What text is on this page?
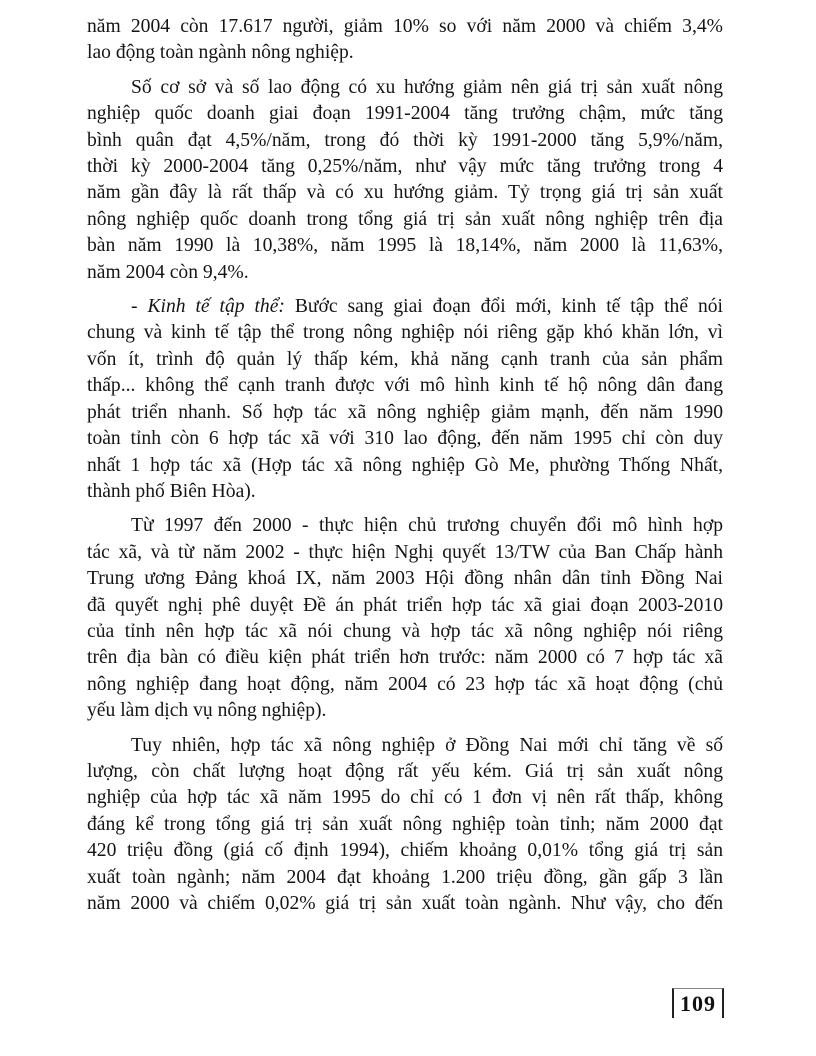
năm 2004 còn 17.617 người, giảm 10% so với năm 2000 và chiếm 3,4%
lao động toàn ngành nông nghiệp.
Số cơ sở và số lao động có xu hướng giảm nên giá trị sản xuất nông
nghiệp quốc doanh giai đoạn 1991-2004 tăng trưởng chậm, mức tăng
bình quân đạt 4,5%/năm, trong đó thời kỳ 1991-2000 tăng 5,9%/năm,
thời kỳ 2000-2004 tăng 0,25%/năm, như vậy mức tăng trưởng trong 4
năm gần đây là rất thấp và có xu hướng giảm. Tỷ trọng giá trị sản xuất
nông nghiệp quốc doanh trong tổng giá trị sản xuất nông nghiệp trên địa
bàn năm 1990 là 10,38%, năm 1995 là 18,14%, năm 2000 là 11,63%,
năm 2004 còn 9,4%.
- Kinh tế tập thể: Bước sang giai đoạn đổi mới, kinh tế tập thể nói
chung và kinh tế tập thể trong nông nghiệp nói riêng gặp khó khăn lớn, vì
vốn ít, trình độ quản lý thấp kém, khả năng cạnh tranh của sản phẩm
thấp... không thể cạnh tranh được với mô hình kinh tế hộ nông dân đang
phát triển nhanh. Số hợp tác xã nông nghiệp giảm mạnh, đến năm 1990
toàn tỉnh còn 6 hợp tác xã với 310 lao động, đến năm 1995 chỉ còn duy
nhất 1 hợp tác xã (Hợp tác xã nông nghiệp Gò Me, phường Thống Nhất,
thành phố Biên Hòa).
Từ 1997 đến 2000 - thực hiện chủ trương chuyển đổi mô hình hợp
tác xã, và từ năm 2002 - thực hiện Nghị quyết 13/TW của Ban Chấp hành
Trung ương Đảng khoá IX, năm 2003 Hội đồng nhân dân tỉnh Đồng Nai
đã quyết nghị phê duyệt Đề án phát triển hợp tác xã giai đoạn 2003-2010
của tỉnh nên hợp tác xã nói chung và hợp tác xã nông nghiệp nói riêng
trên địa bàn có điều kiện phát triển hơn trước: năm 2000 có 7 hợp tác xã
nông nghiệp đang hoạt động, năm 2004 có 23 hợp tác xã hoạt động (chủ
yếu làm dịch vụ nông nghiệp).
Tuy nhiên, hợp tác xã nông nghiệp ở Đồng Nai mới chỉ tăng về số
lượng, còn chất lượng hoạt động rất yếu kém. Giá trị sản xuất nông
nghiệp của hợp tác xã năm 1995 do chỉ có 1 đơn vị nên rất thấp, không
đáng kể trong tổng giá trị sản xuất nông nghiệp toàn tỉnh; năm 2000 đạt
420 triệu đồng (giá cố định 1994), chiếm khoảng 0,01% tổng giá trị sản
xuất toàn ngành; năm 2004 đạt khoảng 1.200 triệu đồng, gần gấp 3 lần
năm 2000 và chiếm 0,02% giá trị sản xuất toàn ngành. Như vậy, cho đến
109
